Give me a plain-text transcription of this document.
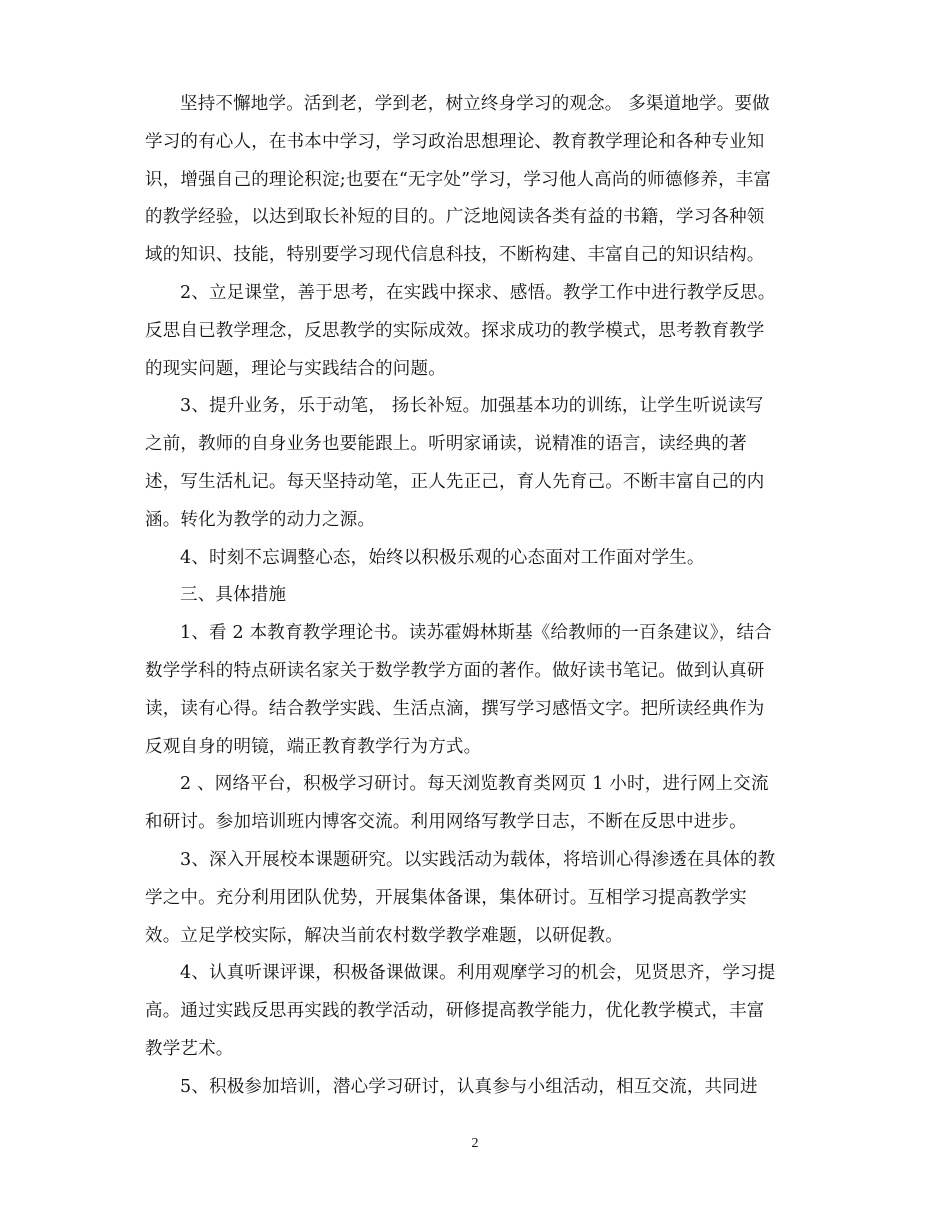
坚持不懈地学。活到老，学到老，树立终身学习的观念。 多渠道地学。要做
学习的有心人，在书本中学习，学习政治思想理论、教育教学理论和各种专业知
识，增强自己的理论积淀;也要在“无字处”学习，学习他人高尚的师德修养，丰富
的教学经验，以达到取长补短的目的。广泛地阅读各类有益的书籍，学习各种领
域的知识、技能，特别要学习现代信息科技，不断构建、丰富自己的知识结构。
2、立足课堂，善于思考，在实践中探求、感悟。教学工作中进行教学反思。
反思自已教学理念，反思教学的实际成效。探求成功的教学模式，思考教育教学
的现实问题，理论与实践结合的问题。
3、提升业务，乐于动笔， 扬长补短。加强基本功的训练，让学生听说读写
之前，教师的自身业务也要能跟上。听明家诵读，说精准的语言，读经典的著
述，写生活札记。每天坚持动笔，正人先正己，育人先育己。不断丰富自己的内
涵。转化为教学的动力之源。
4、时刻不忘调整心态，始终以积极乐观的心态面对工作面对学生。
三、具体措施
1、看 2 本教育教学理论书。读苏霍姆林斯基《给教师的一百条建议》，结合
数学学科的特点研读名家关于数学教学方面的著作。做好读书笔记。做到认真研
读，读有心得。结合教学实践、生活点滴，撰写学习感悟文字。把所读经典作为
反观自身的明镜，端正教育教学行为方式。
2 、网络平台，积极学习研讨。每天浏览教育类网页 1 小时，进行网上交流
和研讨。参加培训班内博客交流。利用网络写教学日志，不断在反思中进步。
3、深入开展校本课题研究。以实践活动为载体，将培训心得渗透在具体的教
学之中。充分利用团队优势，开展集体备课，集体研讨。互相学习提高教学实
效。立足学校实际，解决当前农村数学教学难题，以研促教。
4、认真听课评课，积极备课做课。利用观摩学习的机会，见贤思齐，学习提
高。通过实践反思再实践的教学活动，研修提高教学能力，优化教学模式，丰富
教学艺术。
5、积极参加培训，潜心学习研讨，认真参与小组活动，相互交流，共同进
2
